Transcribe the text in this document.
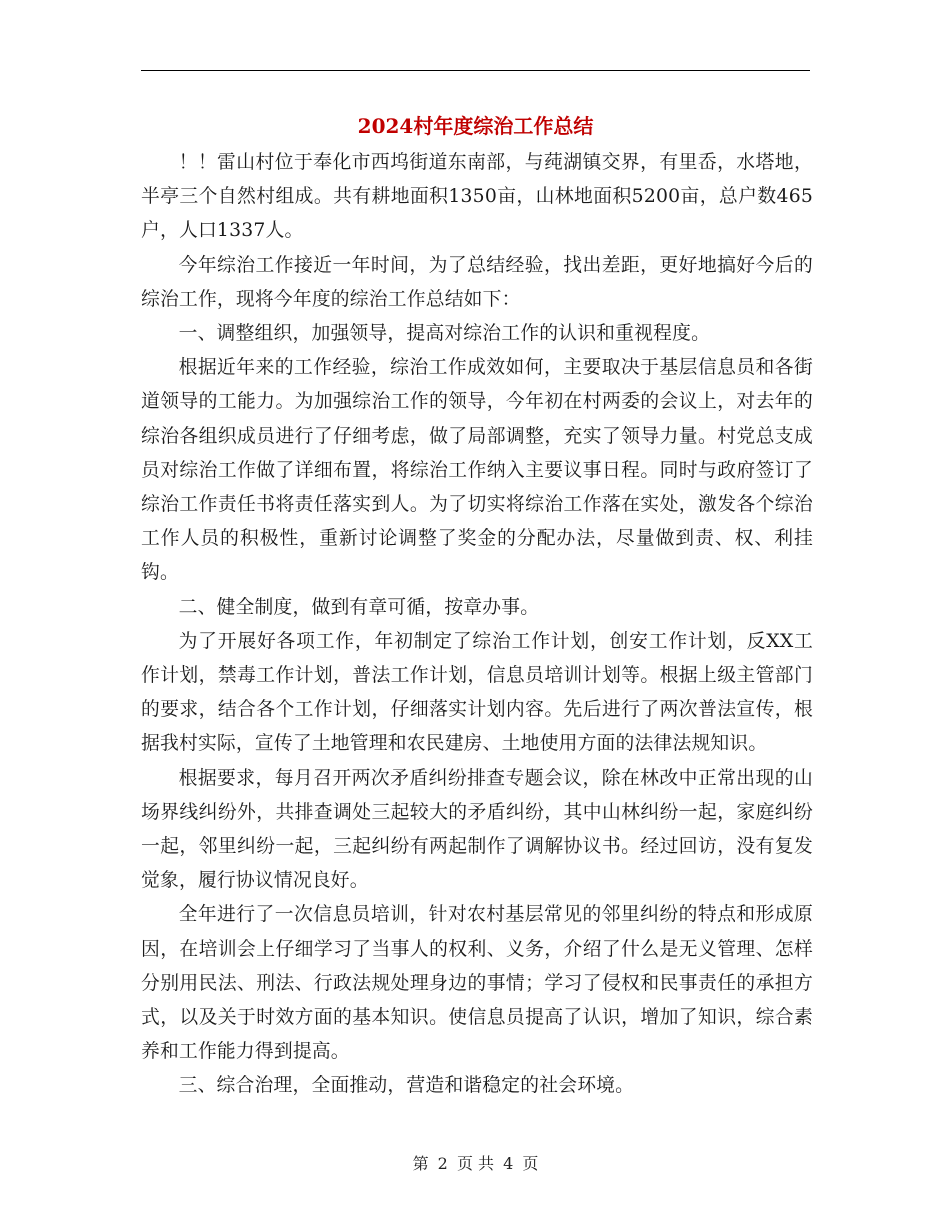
2024村年度综治工作总结

！！雷山村位于奉化市西坞街道东南部，与莼湖镇交界，有里岙，水塔地，半亭三个自然村组成。共有耕地面积1350亩，山林地面积5200亩，总户数465户，人口1337人。

今年综治工作接近一年时间，为了总结经验，找出差距，更好地搞好今后的综治工作，现将今年度的综治工作总结如下：

一、调整组织，加强领导，提高对综治工作的认识和重视程度。

根据近年来的工作经验，综治工作成效如何，主要取决于基层信息员和各街道领导的工能力。为加强综治工作的领导，今年初在村两委的会议上，对去年的综治各组织成员进行了仔细考虑，做了局部调整，充实了领导力量。村党总支成员对综治工作做了详细布置，将综治工作纳入主要议事日程。同时与政府签订了综治工作责任书将责任落实到人。为了切实将综治工作落在实处，激发各个综治工作人员的积极性，重新讨论调整了奖金的分配办法，尽量做到责、权、利挂钩。

二、健全制度，做到有章可循，按章办事。

为了开展好各项工作，年初制定了综治工作计划，创安工作计划，反XX工作计划，禁毒工作计划，普法工作计划，信息员培训计划等。根据上级主管部门的要求，结合各个工作计划，仔细落实计划内容。先后进行了两次普法宣传，根据我村实际，宣传了土地管理和农民建房、土地使用方面的法律法规知识。

根据要求，每月召开两次矛盾纠纷排查专题会议，除在林改中正常出现的山场界线纠纷外，共排查调处三起较大的矛盾纠纷，其中山林纠纷一起，家庭纠纷一起，邻里纠纷一起，三起纠纷有两起制作了调解协议书。经过回访，没有复发觉象，履行协议情况良好。

全年进行了一次信息员培训，针对农村基层常见的邻里纠纷的特点和形成原因，在培训会上仔细学习了当事人的权利、义务，介绍了什么是无义管理、怎样分别用民法、刑法、行政法规处理身边的事情；学习了侵权和民事责任的承担方式，以及关于时效方面的基本知识。使信息员提高了认识，增加了知识，综合素养和工作能力得到提高。

三、综合治理，全面推动，营造和谐稳定的社会环境。

第 2 页 共 4 页
